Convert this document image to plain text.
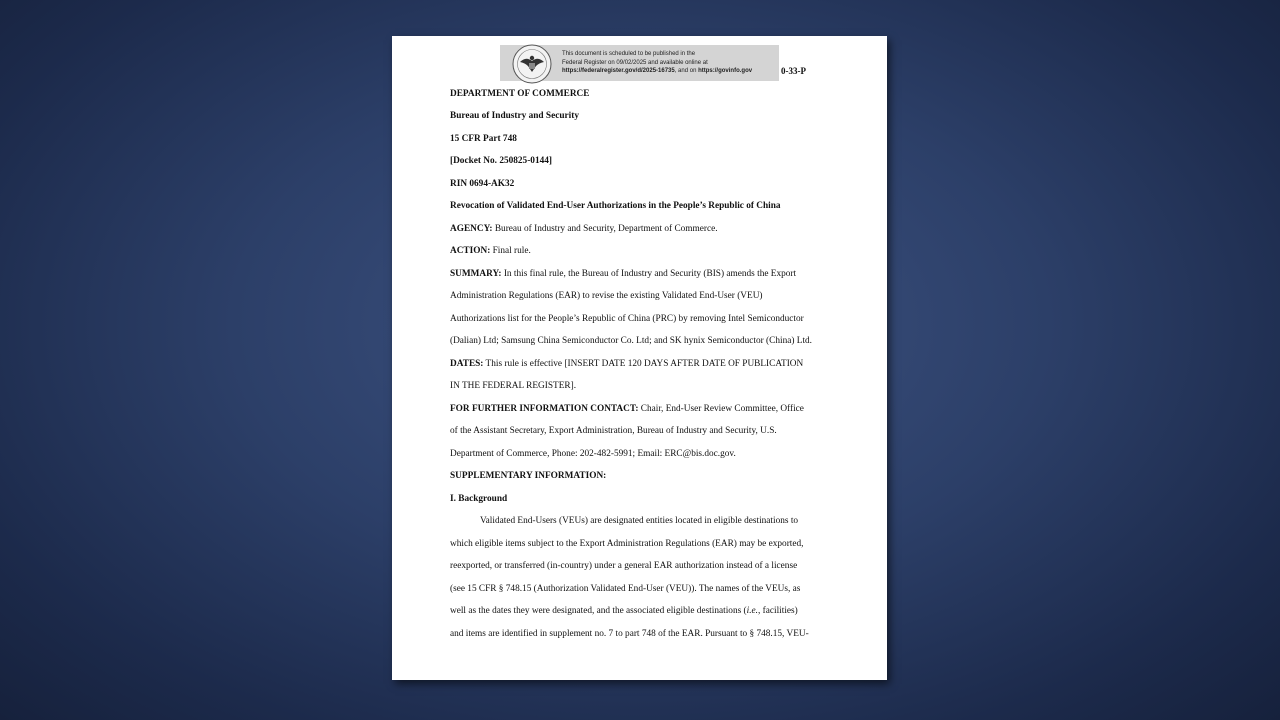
This document is scheduled to be published in the
Federal Register on 09/02/2025 and available online at
https://federalregister.gov/d/2025-16735, and on https://govinfo.gov	0-33-P
DEPARTMENT OF COMMERCE
Bureau of Industry and Security
15 CFR Part 748
[Docket No. 250825-0144]
RIN 0694-AK32
Revocation of Validated End-User Authorizations in the People’s Republic of China
AGENCY: Bureau of Industry and Security, Department of Commerce.
ACTION: Final rule.
SUMMARY: In this final rule, the Bureau of Industry and Security (BIS) amends the Export
Administration Regulations (EAR) to revise the existing Validated End-User (VEU)
Authorizations list for the People’s Republic of China (PRC) by removing Intel Semiconductor
(Dalian) Ltd; Samsung China Semiconductor Co. Ltd; and SK hynix Semiconductor (China) Ltd.
DATES: This rule is effective [INSERT DATE 120 DAYS AFTER DATE OF PUBLICATION
IN THE FEDERAL REGISTER].
FOR FURTHER INFORMATION CONTACT: Chair, End-User Review Committee, Office
of the Assistant Secretary, Export Administration, Bureau of Industry and Security, U.S.
Department of Commerce, Phone: 202-482-5991; Email: ERC@bis.doc.gov.
SUPPLEMENTARY INFORMATION:
I. Background
Validated End-Users (VEUs) are designated entities located in eligible destinations to
which eligible items subject to the Export Administration Regulations (EAR) may be exported,
reexported, or transferred (in-country) under a general EAR authorization instead of a license
(see 15 CFR § 748.15 (Authorization Validated End-User (VEU)). The names of the VEUs, as
well as the dates they were designated, and the associated eligible destinations (i.e., facilities)
and items are identified in supplement no. 7 to part 748 of the EAR. Pursuant to § 748.15, VEU-
